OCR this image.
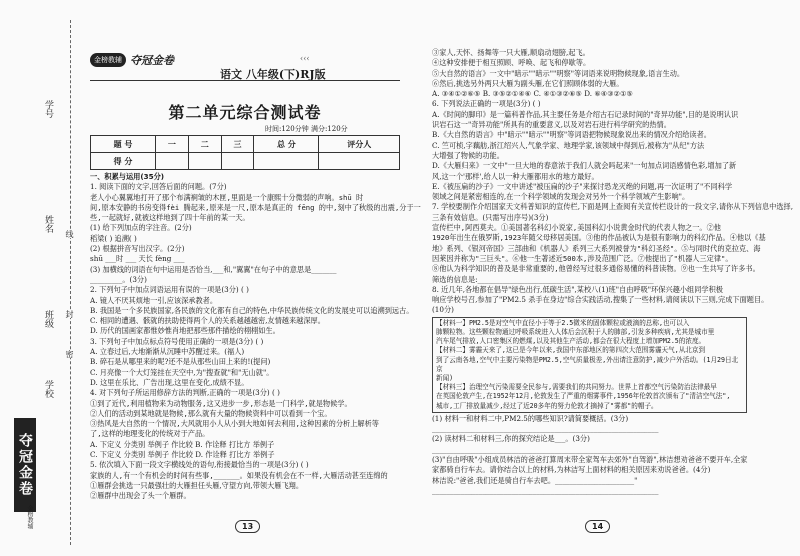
学号
姓名
班级
学校
线
封
密
夺冠金卷
金榜教辅
金榜教辅 夺冠金卷	‹‹‹
语文 八年级(下)RJ版
第二单元综合测试卷
时间:120分钟 满分:120分
题 号	一	二	三	总 分	评分人
得 分					

一、积累与运用(35分)

1. 阅读下面的文字,回答后面的问题。(7分)

老人小心翼翼地打开了那个布满裥皱的木匣,里面是一个康熙十分微弱的声响。shū 时

间,原本安静的书房变得fèi 腾起来,原来是一尺,原本是真正的 fēng 的中,刻中了秋级的出震,分于一

些,一起就好,就被这样地到了四十年前的某一天。

(1) 给下列加点的字注音。(2分)

稻梁( ) 追溯( )

(2) 根据拼音写出汉字。(2分)

shū ___时 ___ 天长 fèng ___

(3) 加横线的词语在句中运用是否恰当,___和,"翼翼"在句子中的意思是_______

_________。(3分)

2. 下列句子中加点词语运用有误的一项是(3分) ( )

A. 镜人不厌其烦地一引,应该深承教者。

B. 我国是一个多民族国家,各民族的文化都有自己的特色,中华民族传统文化的发展史可以追溯到远古。

C. 相同的遭遇、骸就的扶助使得两个人的关系越越越密,友情越来越深厚。

D. 历代的国画家都惟妙惟肖地把那些那件描绘的栩栩如生。

3. 下列句子中加点标点符号使用正确的一项是(3分) ( )

A. 立春过后,大地渐渐从沉睡中苏醒过来。(福人)

B. 碎石是从哪里来的呢?还不是从那些山田上来的!(提问)

C. 月亮像一个大灯笼挂在天空中,为"搜查就"和"无山就"。

D. 这里在乐比、广告出现,这里在变化,成绩不显。

4. 对下列句子所运用修辞方法的判断,正确的一项是(3分) ( )

①到了近代,利用植物来为动物服务,这又进步一步,形态是一门科学,就是物候学。

②人们的活动到某地就是物候,那么就有大量的物候资料中可以看到一个宝。

③热风是大自然的一个情况,大风就用小人从小到大地如何去利用,这种因素的分析上解析等

了,这样的地理变化的传统对于产品。

A. 下定义 分类别 举例子 作比较 B. 作诠释 打比方 举例子

C. 下定义 分类别 举例子 作比较 D. 作诠释 打比方 举例子

5. 依次填入下面一段文字横线处的语句,衔接最恰当的一项是(3分) ( )

家族的人,有一个有机会的时间有些事,______。如果没有机会在不一样,大雁活动甚至连绵的

①雁群会挑选一只最强壮的大雁担任头雁,守望方向,带领大雁飞翔。

②雁群中出现会了头一个雁群。

③家人,天怀、扬舞等一只大雁,顺扇动翅膀,起飞。

④这种安排便于相互照顾、呼唤、起飞和停歇等。

⑤大自然的语言》一文中"暗示""暗示""明察"等词语来说明物候现象,语言生动。

⑥然后,挑选另外两只大雁为副头雁,在它们照顾体弱的大雁。

A. ③④①②⑥⑤ B. ③⑤②①④⑥ C. ④①③②⑥⑤ D. ⑥④③②①⑤

6. 下列说法正确的一项是(3分) ( )

A.《时间的脚印》是一篇科普作品,其主要任务是介绍古石记录时间的"奇异功能",目的是说明认识

识岩石这一"奇异功能"所具有的重要意义,以及对岩石进行科学研究的热情。

B.《大自然的语言》中"暗示""暗示""明察"等词语把物候现象说出来的情况介绍给读者。

C. 竺可桢,字藕舫,浙江绍兴人,气象学家、地理学家,该领域中得到后,被称为"从纪"方法

大增强了物候的功能。

D.《大雁归来》一文中"一旦大地的春意浓于我们人就会吗起来"一句加点词语感情色彩,增加了新

风,这一个'那样',给人以一种大雁都用水的地方最好。

E.《被压扁的沙子》一文中讲述"被压扁的沙子"来探讨恐龙灭绝的问题,再一次证明了"不同科学

领域之间是紧密相连的,在一个科学领域的发现会对另外一个科学领域产生影响"。

7. 学校要制作介绍国家天文科普知识的宣传栏,下面是网上查阅有关宣传栏设计的一段文字,请你从下列信息中选择,

三条有效信息。(只需写出序号)(3分)

宣传栏中,阿西莫夫。①美国著名科幻小说家,美国科幻小说黄金时代的代表人物之一。②他

1920年出生在俄罗斯,1923年随父母移居美国。③他的作品被认为是很有影响力的科幻作品。④他以《基

地》系列、《银河帝国》三部曲和《机器人》系列三大系列被誉为"科幻圣经"。⑤与同时代的克拉克、海

因莱因并称为"三巨头"。⑥他一生著述近500本,涉及范围广泛。⑦他提出了"机器人三定律"。

⑧他认为科学知识的普及是非常重要的,他曾经写过很多通俗易懂的科普读物。⑨也一生共写了许多书。

筛选的信息是:_________________________________________________

8. 近几年,各地都在倡导"绿色出行,低碳生活",某校八(1)班"自由呼吸"环保兴趣小组同学积极

响应学校号召,参加了"PM2.5 杀手在身边"综合实践活动,搜集了一些材料,请阅读以下三则,完成下面题目。

(10分)

【材料一】PM2.5是对空气中直径小于等于2.5微米的固体颗粒或液滴的总称,也可以入

肺颗粒物。这些颗粒物通过呼吸系统进入人体后会沉积于人的肺部,引发多种疾病,尤其是城市里

汽车尾气排放,人口密集区的燃煤,以及其他生产活动,都会在很大程度上增加PM2.5的浓度。

【材料二】雾霾天来了,这已是今年以来,我国中东部地区的第四次大范围雾霾天气,从北京到

到了云南各地,空气中主要污染物是PM2.5,空气质量极差,外出请注意防护,减少户外活动。(1月29日北京

新闻)

【材料三】治理空气污染需要全民参与,需要我们的共同努力。世界上首都空气污染防治法律最早

在英国伦敦产生,在1952年12月,伦敦发生了严重的烟雾事件,1956年伦敦首次颁布了"清洁空气法",

城市,工厂排放量减少,经过了近20多年的努力伦敦才摘掉了"雾都"的帽子。

(1) 材料一和材料二中,PM2.5的哪些知识?请简要概括。(3分)

_______________________________________________________________

(2) 读材料二和材料三,你的探究结论是___。(3分)

_______________________________________________________________

(3)"自由呼吸"小组成员林洁的爸爸打算周末带全家驾车去郊外"自驾游",林洁想劝爸爸不要开车,全家

家都骑自行车去。请你结合以上的材料,为林洁写上面材料的相关原因来劝说爸爸。(4分)

林洁说:"爸爸,我们还是骑自行车去吧。______________________"

_______________________________________________________________

13	14
